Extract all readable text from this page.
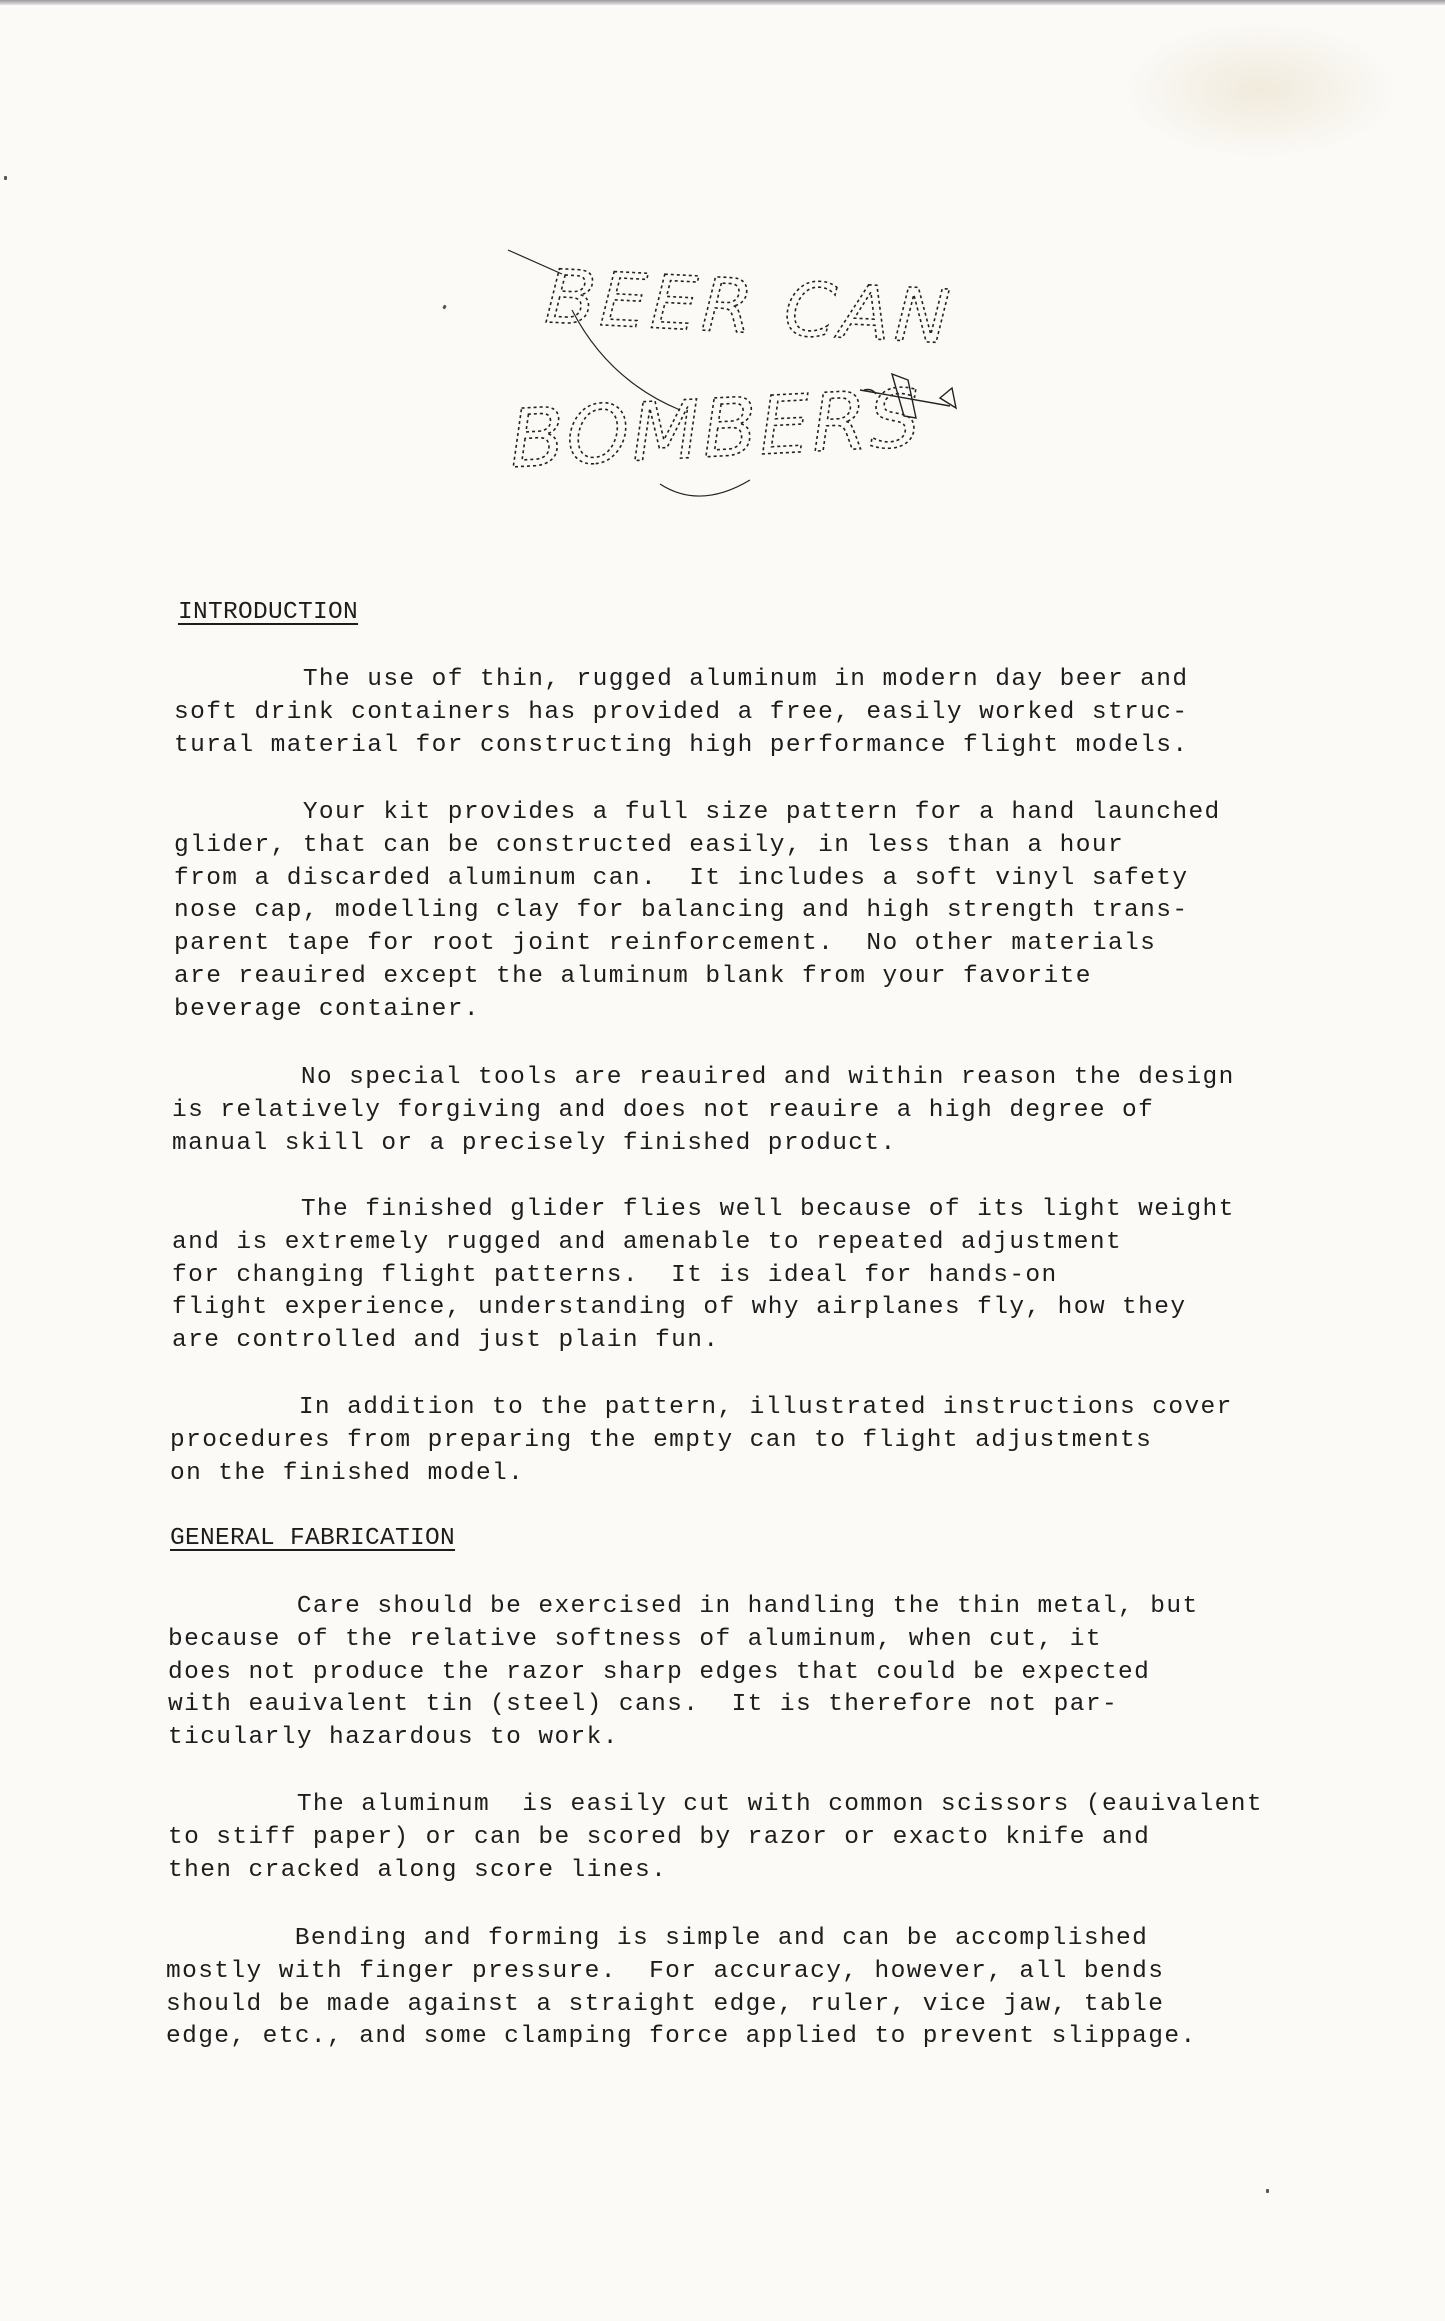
BEER CAN
BOMBERS
INTRODUCTION

The use of thin, rugged aluminum in modern day beer and
soft drink containers has provided a free, easily worked struc-
tural material for constructing high performance flight models.

Your kit provides a full size pattern for a hand launched
glider, that can be constructed easily, in less than a hour
from a discarded aluminum can.  It includes a soft vinyl safety
nose cap, modelling clay for balancing and high strength trans-
parent tape for root joint reinforcement.  No other materials
are reauired except the aluminum blank from your favorite
beverage container.

No special tools are reauired and within reason the design
is relatively forgiving and does not reauire a high degree of
manual skill or a precisely finished product.

The finished glider flies well because of its light weight
and is extremely rugged and amenable to repeated adjustment
for changing flight patterns.  It is ideal for hands-on
flight experience, understanding of why airplanes fly, how they
are controlled and just plain fun.

In addition to the pattern, illustrated instructions cover
procedures from preparing the empty can to flight adjustments
on the finished model.

GENERAL FABRICATION

Care should be exercised in handling the thin metal, but
because of the relative softness of aluminum, when cut, it
does not produce the razor sharp edges that could be expected
with eauivalent tin (steel) cans.  It is therefore not par-
ticularly hazardous to work.

The aluminum  is easily cut with common scissors (eauivalent
to stiff paper) or can be scored by razor or exacto knife and
then cracked along score lines.

Bending and forming is simple and can be accomplished
mostly with finger pressure.  For accuracy, however, all bends
should be made against a straight edge, ruler, vice jaw, table
edge, etc., and some clamping force applied to prevent slippage.
